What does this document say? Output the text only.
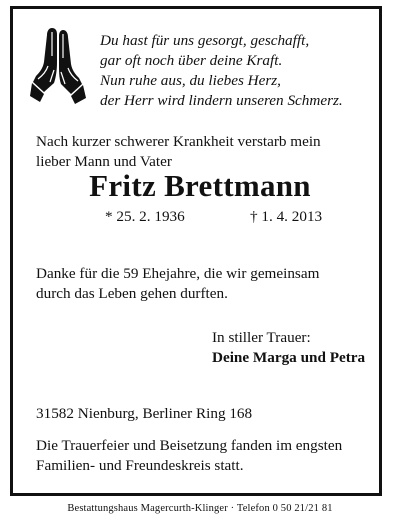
Du hast für uns gesorgt, geschafft,
gar oft noch über deine Kraft.
Nun ruhe aus, du liebes Herz,
der Herr wird lindern unseren Schmerz.
Nach kurzer schwerer Krankheit verstarb mein
lieber Mann und Vater
Fritz Brettmann
* 25. 2. 1936	† 1. 4. 2013
Danke für die 59 Ehejahre, die wir gemeinsam
durch das Leben gehen durften.
In stiller Trauer:
Deine Marga und Petra
31582 Nienburg, Berliner Ring 168
Die Trauerfeier und Beisetzung fanden im engsten
Familien- und Freundeskreis statt.
Bestattungshaus Magercurth-Klinger · Telefon 0 50 21/21 81
